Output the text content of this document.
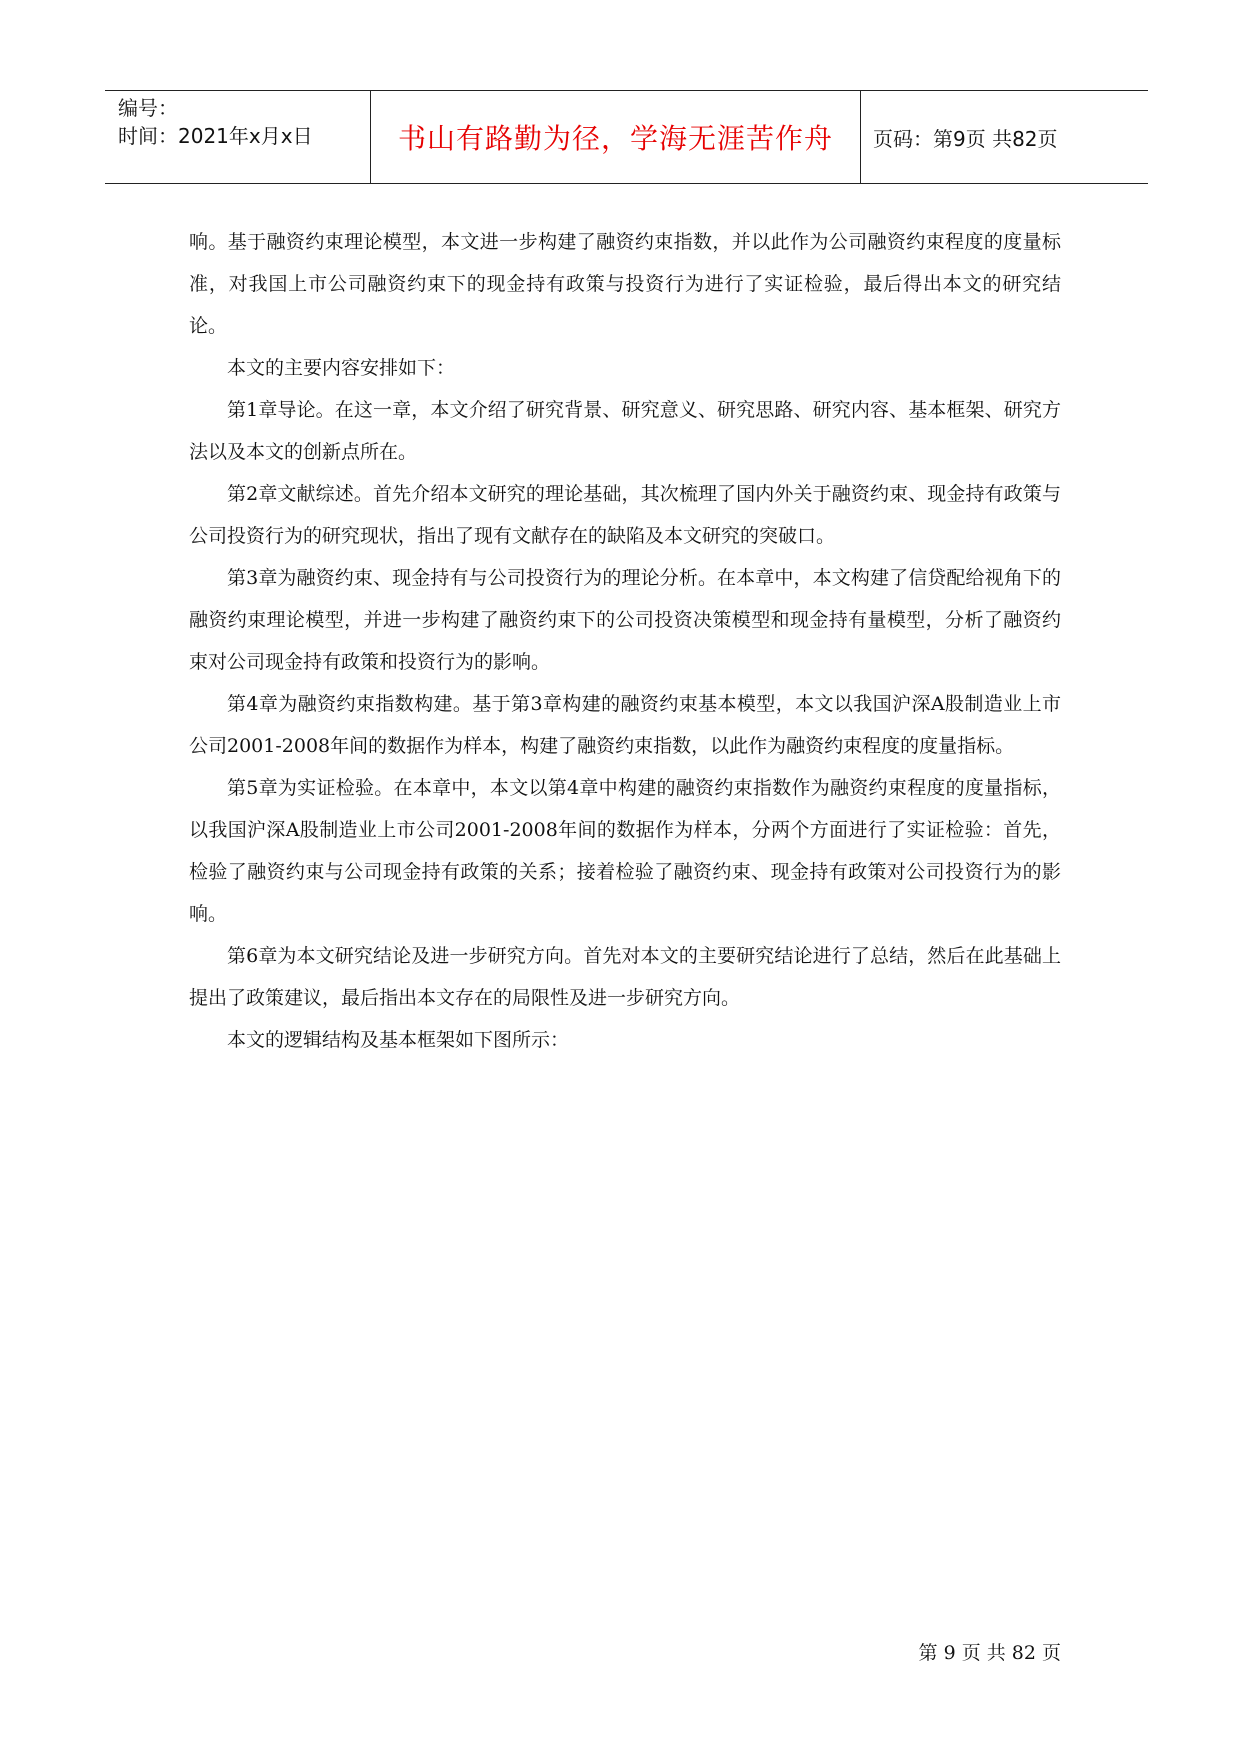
编号：
时间：2021年x月x日	书山有路勤为径，学海无涯苦作舟 页码：第9页 共82页

响。基于融资约束理论模型，本文进一步构建了融资约束指数，并以此作为公司融资约束程度的度量标准，对我国上市公司融资约束下的现金持有政策与投资行为进行了实证检验，最后得出本文的研究结论。

本文的主要内容安排如下：

第1章导论。在这一章，本文介绍了研究背景、研究意义、研究思路、研究内容、基本框架、研究方法以及本文的创新点所在。

第2章文献综述。首先介绍本文研究的理论基础，其次梳理了国内外关于融资约束、现金持有政策与公司投资行为的研究现状，指出了现有文献存在的缺陷及本文研究的突破口。

第3章为融资约束、现金持有与公司投资行为的理论分析。在本章中，本文构建了信贷配给视角下的融资约束理论模型，并进一步构建了融资约束下的公司投资决策模型和现金持有量模型，分析了融资约束对公司现金持有政策和投资行为的影响。

第4章为融资约束指数构建。基于第3章构建的融资约束基本模型，本文以我国沪深A股制造业上市公司2001-2008年间的数据作为样本，构建了融资约束指数，以此作为融资约束程度的度量指标。

第5章为实证检验。在本章中，本文以第4章中构建的融资约束指数作为融资约束程度的度量指标，以我国沪深A股制造业上市公司2001-2008年间的数据作为样本，分两个方面进行了实证检验：首先，检验了融资约束与公司现金持有政策的关系；接着检验了融资约束、现金持有政策对公司投资行为的影响。

第6章为本文研究结论及进一步研究方向。首先对本文的主要研究结论进行了总结，然后在此基础上提出了政策建议，最后指出本文存在的局限性及进一步研究方向。

本文的逻辑结构及基本框架如下图所示：

第 9 页 共 82 页
